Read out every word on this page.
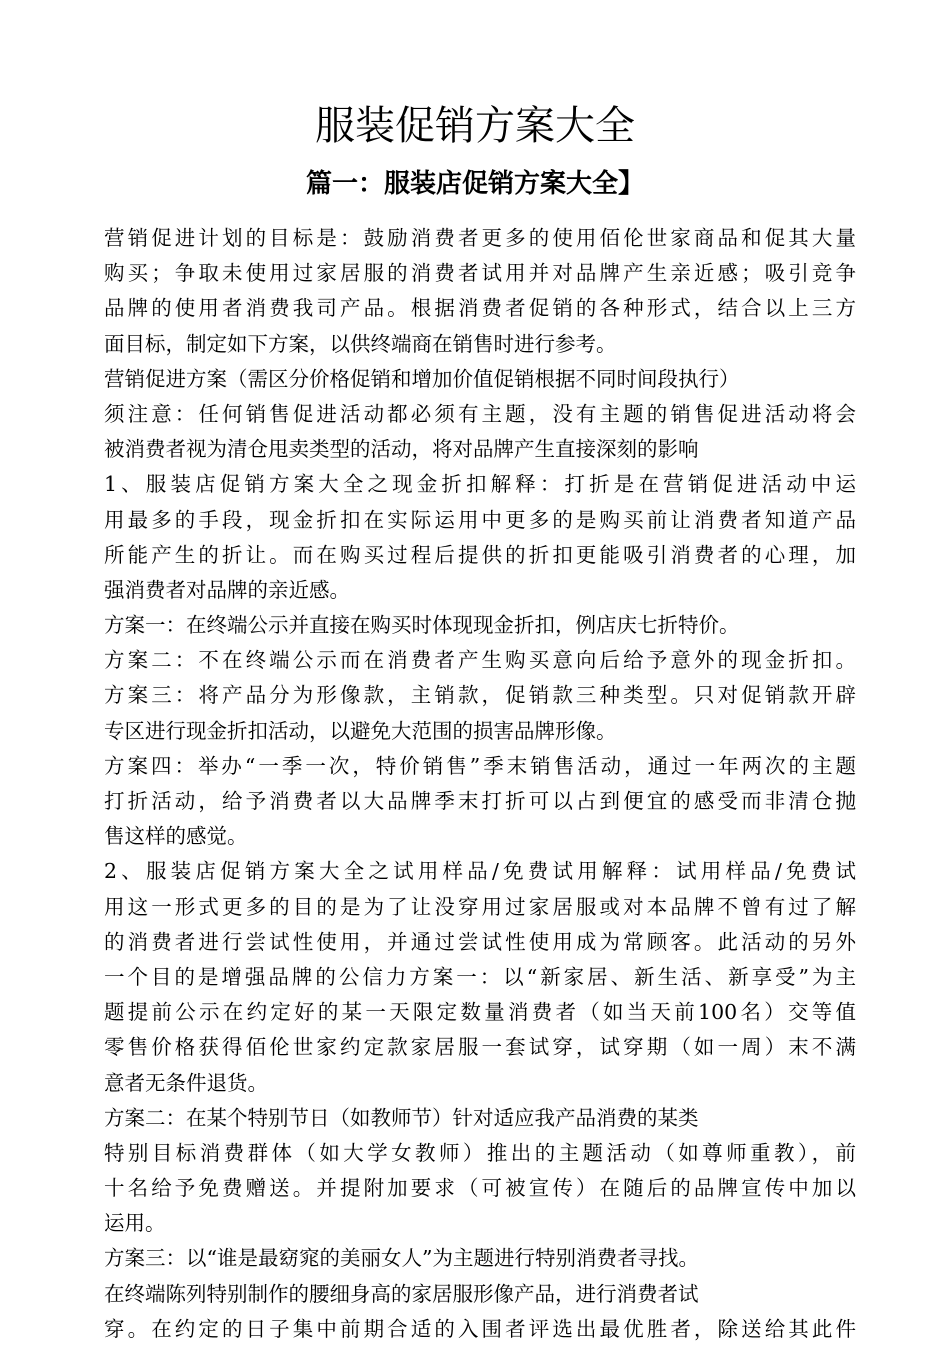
服装促销方案大全
篇一：服装店促销方案大全】
营销促进计划的目标是：鼓励消费者更多的使用佰伦世家商品和促其大量
购买；争取未使用过家居服的消费者试用并对品牌产生亲近感；吸引竞争
品牌的使用者消费我司产品。根据消费者促销的各种形式，结合以上三方
面目标，制定如下方案，以供终端商在销售时进行参考。
营销促进方案（需区分价格促销和增加价值促销根据不同时间段执行）
须注意：任何销售促进活动都必须有主题，没有主题的销售促进活动将会
被消费者视为清仓甩卖类型的活动，将对品牌产生直接深刻的影响
1、服装店促销方案大全之现金折扣解释：打折是在营销促进活动中运
用最多的手段，现金折扣在实际运用中更多的是购买前让消费者知道产品
所能产生的折让。而在购买过程后提供的折扣更能吸引消费者的心理，加
强消费者对品牌的亲近感。
方案一：在终端公示并直接在购买时体现现金折扣，例店庆七折特价。
方案二：不在终端公示而在消费者产生购买意向后给予意外的现金折扣。
方案三：将产品分为形像款，主销款，促销款三种类型。只对促销款开辟
专区进行现金折扣活动，以避免大范围的损害品牌形像。
方案四：举办“一季一次，特价销售”季末销售活动，通过一年两次的主题
打折活动，给予消费者以大品牌季末打折可以占到便宜的感受而非清仓抛
售这样的感觉。
2、服装店促销方案大全之试用样品/免费试用解释：试用样品/免费试
用这一形式更多的目的是为了让没穿用过家居服或对本品牌不曾有过了解
的消费者进行尝试性使用，并通过尝试性使用成为常顾客。此活动的另外
一个目的是增强品牌的公信力方案一：以“新家居、新生活、新享受”为主
题提前公示在约定好的某一天限定数量消费者（如当天前100名）交等值
零售价格获得佰伦世家约定款家居服一套试穿，试穿期（如一周）末不满
意者无条件退货。
方案二：在某个特别节日（如教师节）针对适应我产品消费的某类
特别目标消费群体（如大学女教师）推出的主题活动（如尊师重教），前
十名给予免费赠送。并提附加要求（可被宣传）在随后的品牌宣传中加以
运用。
方案三：以“谁是最窈窕的美丽女人”为主题进行特别消费者寻找。
在终端陈列特别制作的腰细身高的家居服形像产品，进行消费者试
穿。在约定的日子集中前期合适的入围者评选出最优胜者，除送给其此件
